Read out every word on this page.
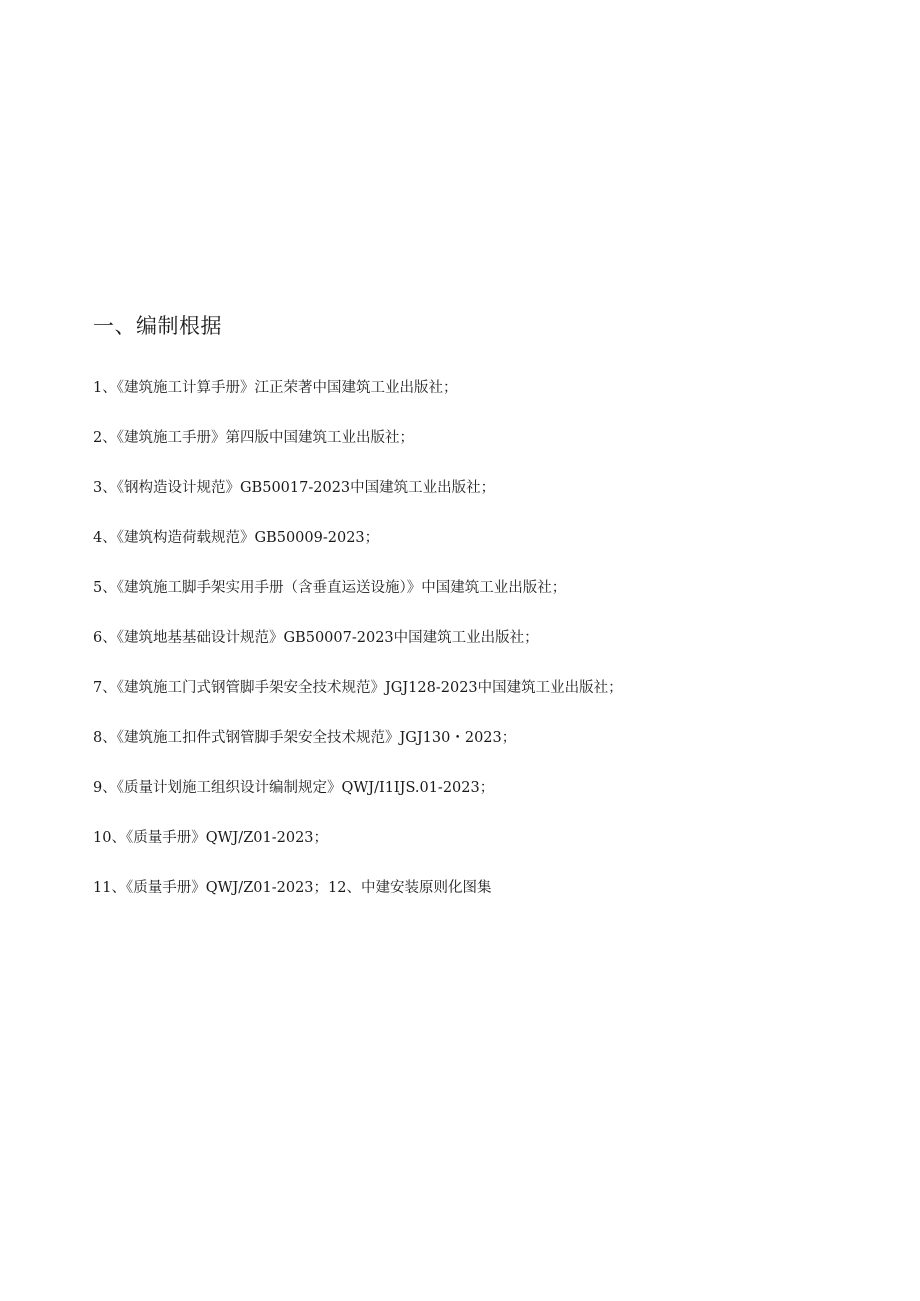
一、编制根据
1、《建筑施工计算手册》江正荣著中国建筑工业出版社；
2、《建筑施工手册》第四版中国建筑工业出版社；
3、《钢构造设计规范》GB50017-2023中国建筑工业出版社；
4、《建筑构造荷载规范》GB50009-2023；
5、《建筑施工脚手架实用手册（含垂直运送设施）》中国建筑工业出版社；
6、《建筑地基基础设计规范》GB50007-2023中国建筑工业出版社；
7、《建筑施工门式钢管脚手架安全技术规范》JGJ128-2023中国建筑工业出版社；
8、《建筑施工扣件式钢管脚手架安全技术规范》JGJ130・2023；
9、《质量计划施工组织设计编制规定》QWJ/I1IJS.01-2023；
10、《质量手册》QWJ/Z01-2023；
11、《质量手册》QWJ/Z01-2023；12、中建安装原则化图集
